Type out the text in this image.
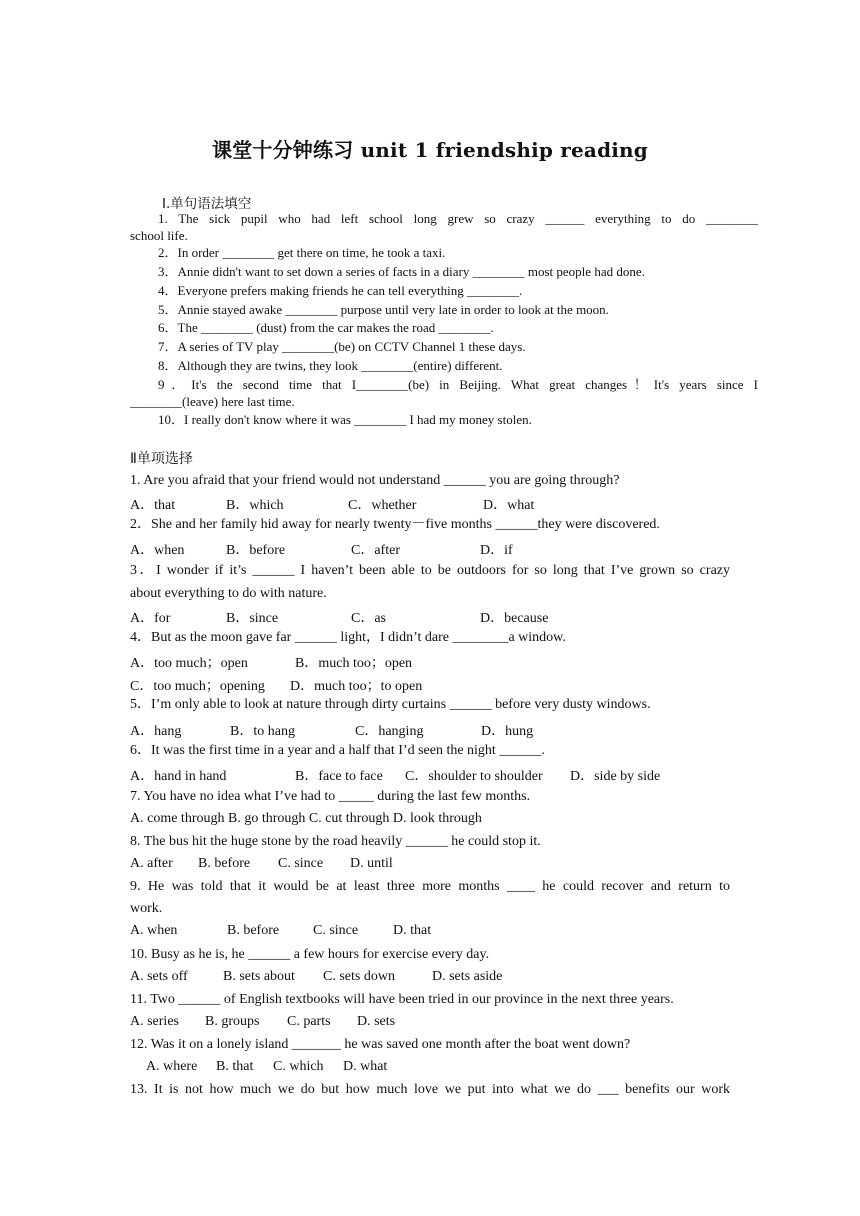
课堂十分钟练习 unit 1 friendship reading
Ⅰ.单句语法填空
1. The sick pupil who had left school long grew so crazy ______ everything to do ________
school life.
2．In order ________ get there on time, he took a taxi.
3．Annie didn't want to set down a series of facts in a diary ________ most people had done.
4．Everyone prefers making friends he can tell everything ________.
5．Annie stayed awake ________ purpose until very late in order to look at the moon.
6．The ________ (dust) from the car makes the road ________.
7．A series of TV play ________(be) on CCTV Channel 1 these days.
8．Although they are twins, they look ________(entire) different.
9．It's the second time that I________(be) in Beijing. What great changes！It's years since I
________(leave) here last time.
10．I really don't know where it was ________ I had my money stolen.
Ⅱ单项选择
1. Are you afraid that your friend would not understand ______ you are going through?
A．that	B．which	C．whether	D．what
2．She and her family hid away for nearly twenty－five months ______they were discovered.
A．when	B．before	C．after	D．if
3．I wonder if it’s ______ I haven’t been able to be outdoors for so long that I’ve grown so crazy
about everything to do with nature.
A．for	B．since	C．as	D．because
4．But as the moon gave far ______ light，I didn’t dare ________a window.
A．too much；open	B．much too；open
C．too much；opening D．much too；to open
5．I’m only able to look at nature through dirty curtains ______ before very dusty windows.
A．hang	B．to hang	C．hanging	D．hung
6．It was the first time in a year and a half that I’d seen the night ______.
A．hand in hand	B．face to face C．shoulder to shoulder D．side by side
7. You have no idea what I’ve had to _____ during the last few months.
A. come through B. go through C. cut through D. look through
8. The bus hit the huge stone by the road heavily ______ he could stop it.
A. after B. before C. since D. until
9. He was told that it would be at least three more months ____ he could recover and return to
work.
A. when	B. before C. since D. that
10. Busy as he is, he ______ a few hours for exercise every day.
A. sets off	B. sets about C. sets down	D. sets aside
11. Two ______ of English textbooks will have been tried in our province in the next three years.
A. series B. groups C. parts D. sets
12. Was it on a lonely island _______ he was saved one month after the boat went down?
A. where B. that C. which D. what
13. It is not how much we do but how much love we put into what we do ___ benefits our work
